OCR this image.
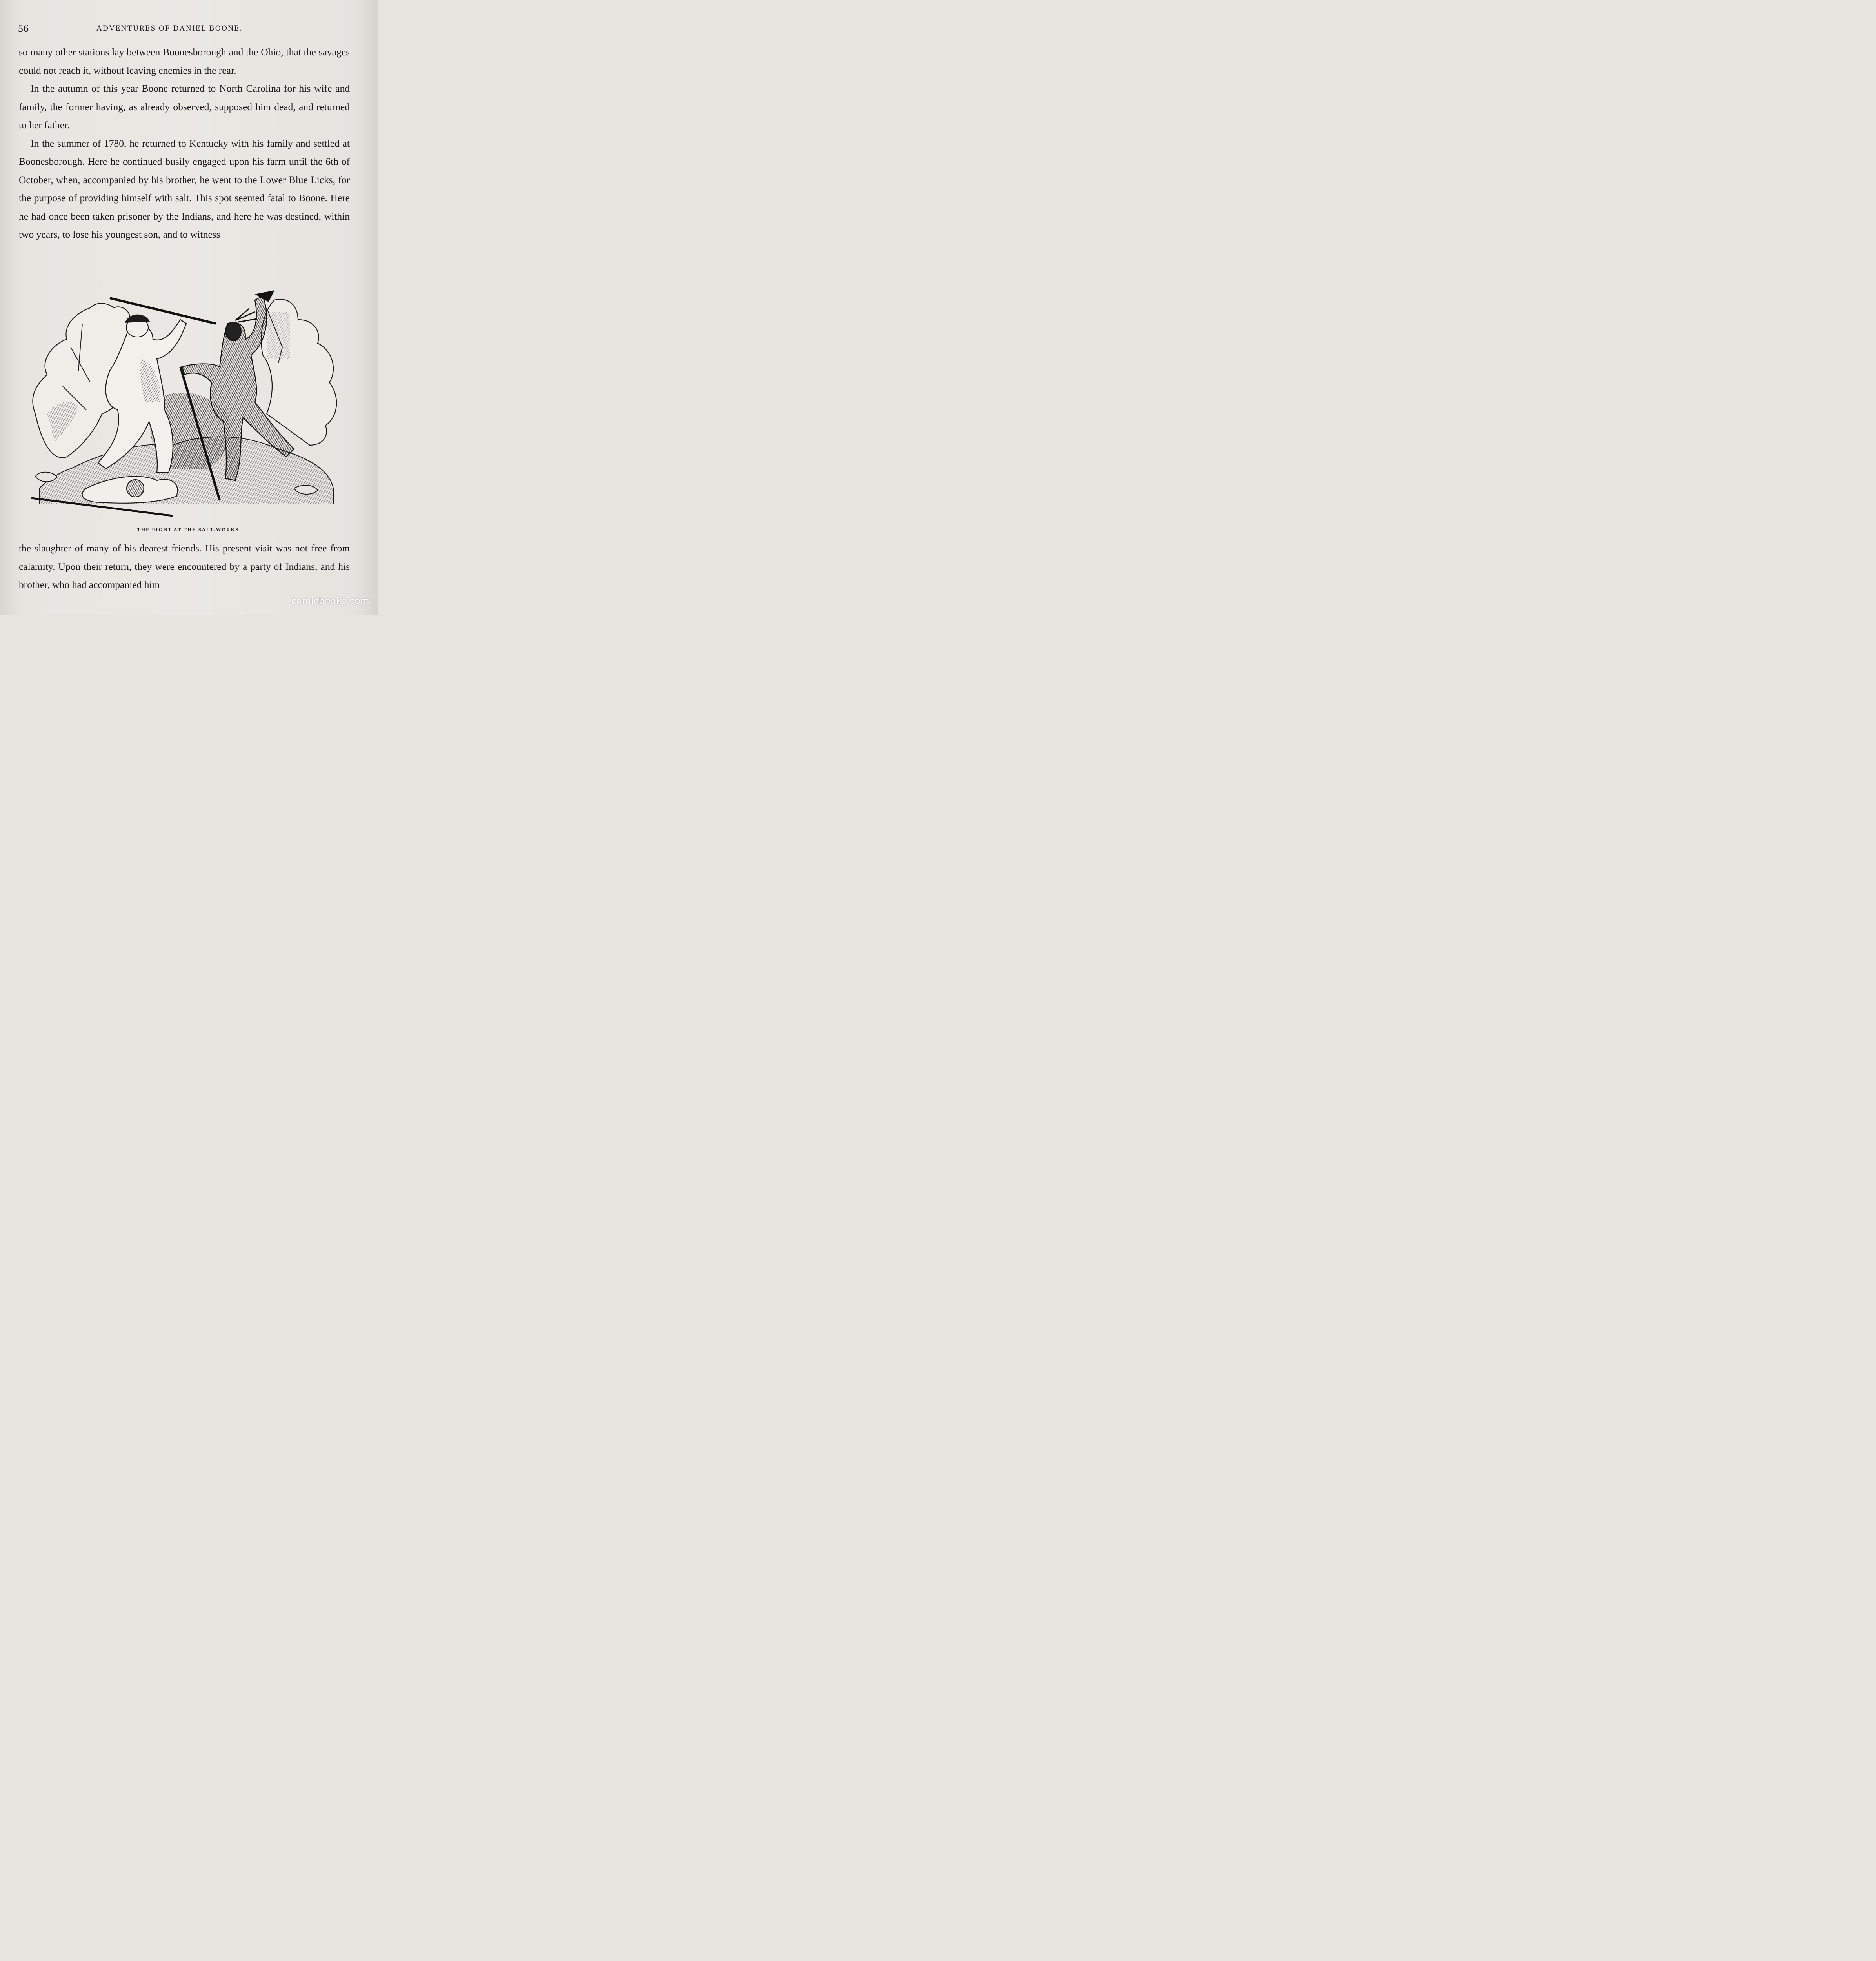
56	ADVENTURES OF DANIEL BOONE.

so many other stations lay between Boonesborough and the Ohio, that the savages could not reach it, without leaving enemies in the rear.

In the autumn of this year Boone returned to North Carolina for his wife and family, the former having, as already observed, supposed him dead, and returned to her father.

In the summer of 1780, he returned to Kentucky with his family and settled at Boonesborough. Here he continued busily engaged upon his farm until the 6th of October, when, accompanied by his brother, he went to the Lower Blue Licks, for the purpose of providing himself with salt. This spot seemed fatal to Boone. Here he had once been taken prisoner by the Indians, and here he was destined, within two years, to lose his youngest son, and to witness

THE FIGHT AT THE SALT-WORKS.

the slaughter of many of his dearest friends. His present visit was not free from calamity. Upon their return, they were encountered by a party of Indians, and his brother, who had accompanied him

comicbooks.com
